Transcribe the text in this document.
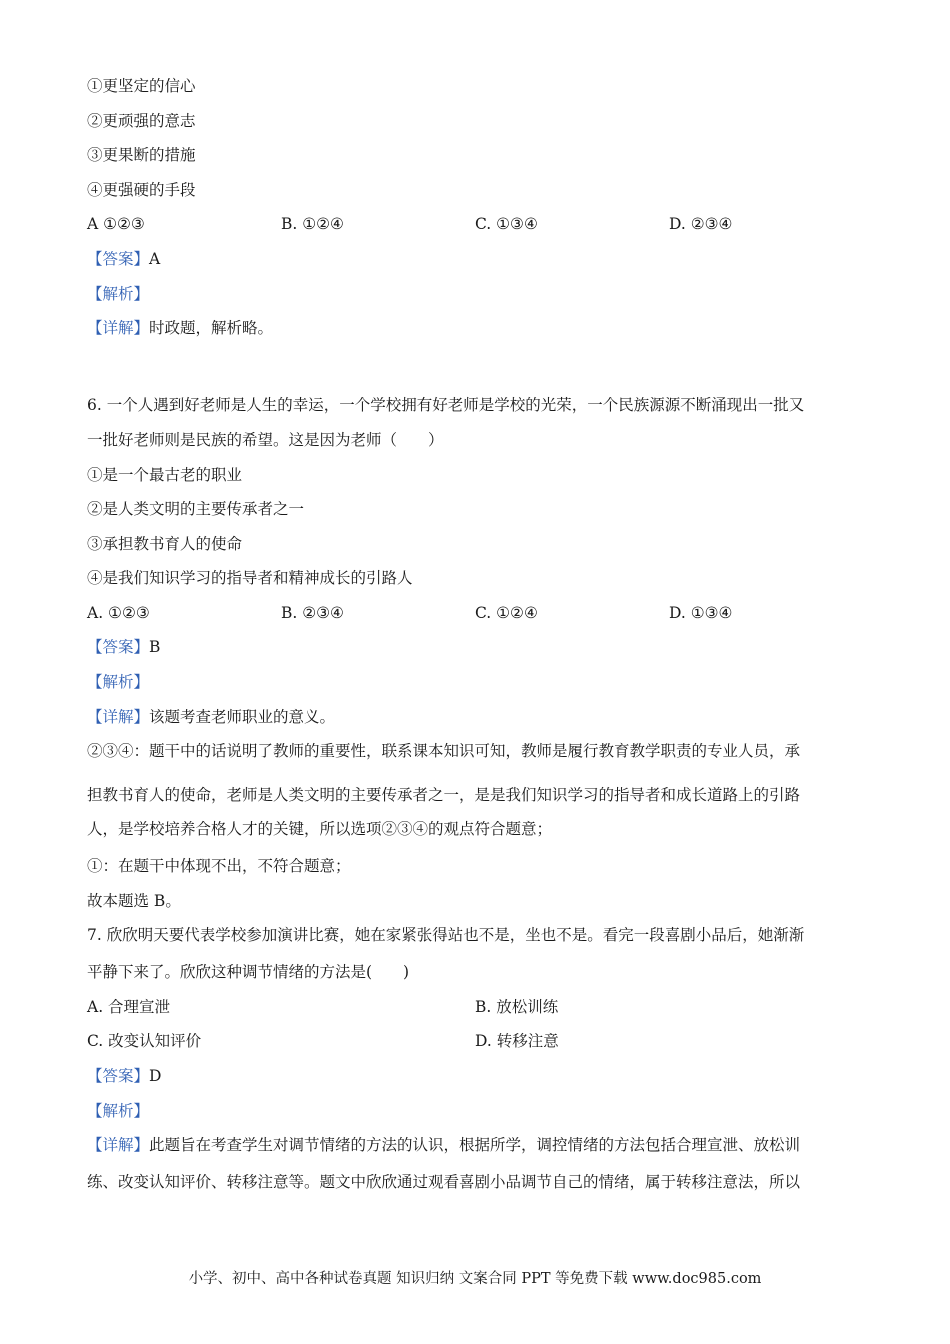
①更坚定的信心
②更顽强的意志
③更果断的措施
④更强硬的手段
A ①②③	B. ①②④	C. ①③④	D. ②③④
【答案】A
【解析】
【详解】时政题，解析略。
6. 一个人遇到好老师是人生的幸运，一个学校拥有好老师是学校的光荣，一个民族源源不断涌现出一批又
一批好老师则是民族的希望。这是因为老师（　　）
①是一个最古老的职业
②是人类文明的主要传承者之一
③承担教书育人的使命
④是我们知识学习的指导者和精神成长的引路人
A. ①②③	B. ②③④	C. ①②④	D. ①③④
【答案】B
【解析】
【详解】该题考查老师职业的意义。
②③④：题干中的话说明了教师的重要性，联系课本知识可知，教师是履行教育教学职责的专业人员，承
担教书育人的使命，老师是人类文明的主要传承者之一，是是我们知识学习的指导者和成长道路上的引路
人，是学校培养合格人才的关键，所以选项②③④的观点符合题意；
①：在题干中体现不出，不符合题意；
故本题选 B。
7. 欣欣明天要代表学校参加演讲比赛，她在家紧张得站也不是，坐也不是。看完一段喜剧小品后，她渐渐
平静下来了。欣欣这种调节情绪的方法是(　　)
A. 合理宣泄	B. 放松训练
C. 改变认知评价	D. 转移注意
【答案】D
【解析】
【详解】此题旨在考查学生对调节情绪的方法的认识，根据所学，调控情绪的方法包括合理宣泄、放松训
练、改变认知评价、转移注意等。题文中欣欣通过观看喜剧小品调节自己的情绪，属于转移注意法，所以
小学、初中、高中各种试卷真题 知识归纳 文案合同 PPT 等免费下载 www.doc985.com
